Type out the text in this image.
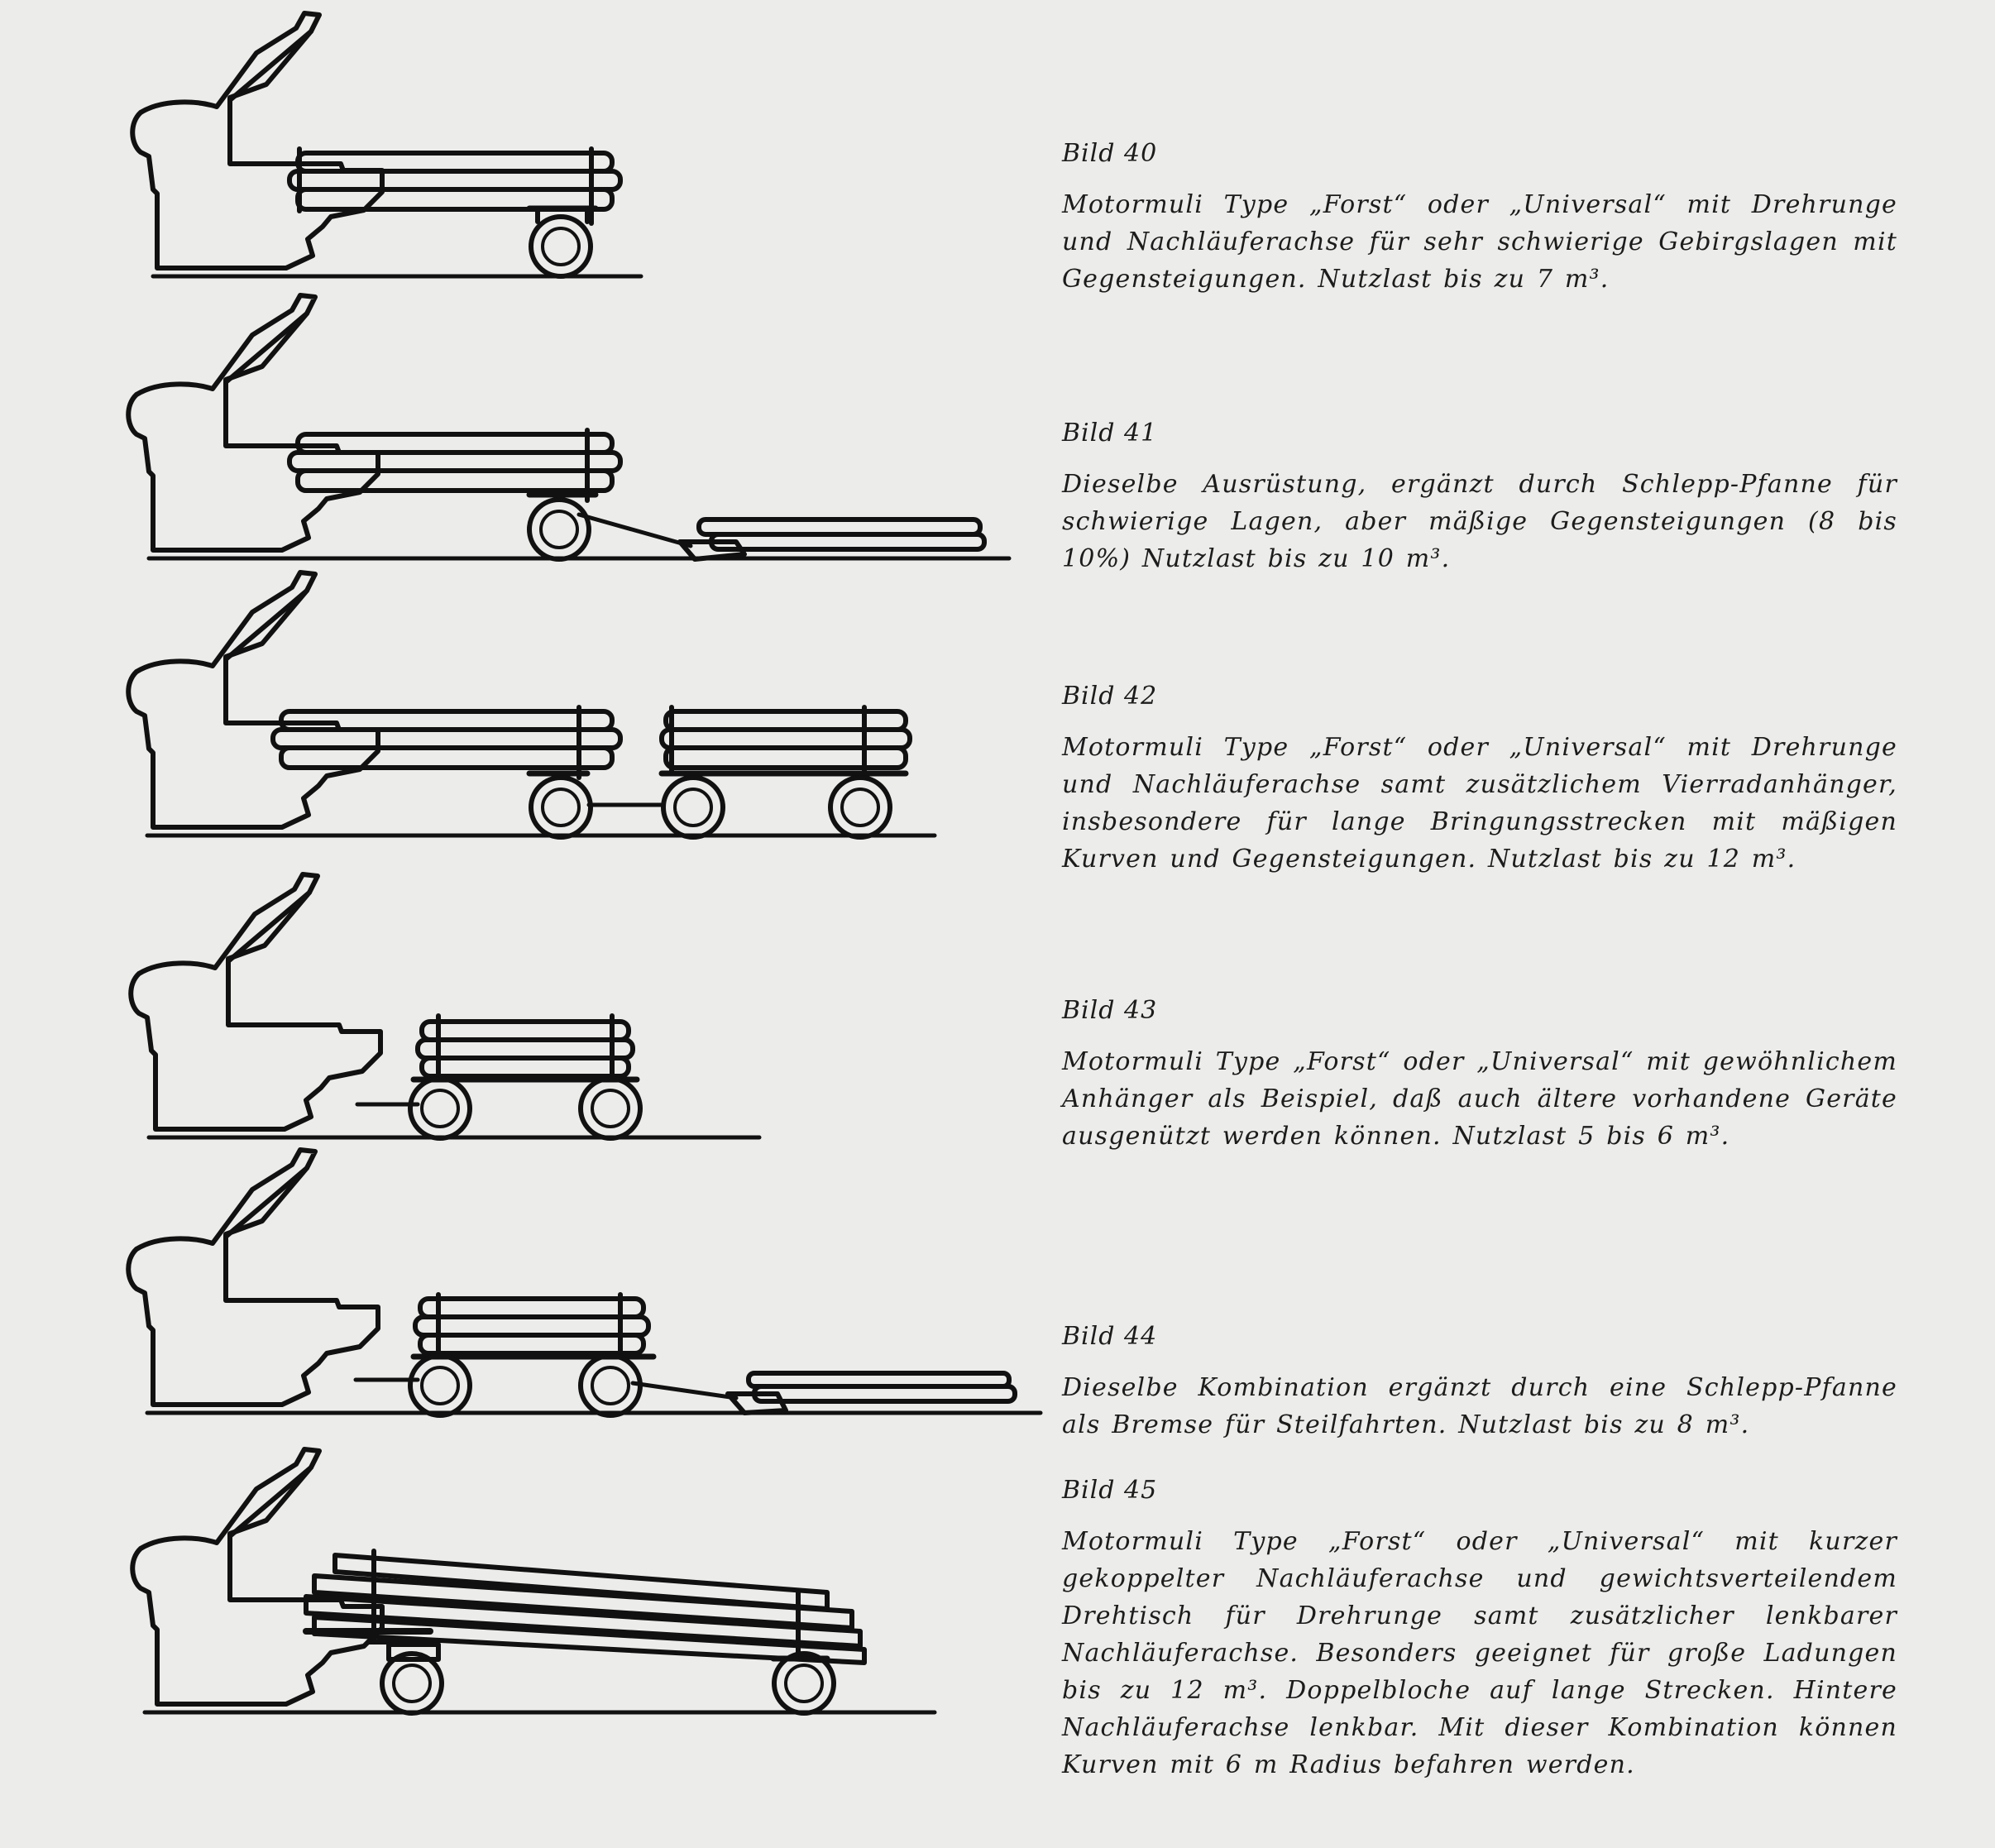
Bild 40

Motormuli Type „Forst“ oder „Universal“ mit Drehrunge und Nachläuferachse für sehr schwierige Gebirgslagen mit Gegensteigungen. Nutzlast bis zu 7 m³.

Bild 41

Dieselbe Ausrüstung, ergänzt durch Schlepp-Pfanne für schwierige Lagen, aber mäßige Gegensteigungen (8 bis 10%) Nutzlast bis zu 10 m³.

Bild 42

Motormuli Type „Forst“ oder „Universal“ mit Drehrunge und Nachläuferachse samt zusätzlichem Vierradanhänger, insbesondere für lange Bringungsstrecken mit mäßigen Kurven und Gegensteigungen. Nutzlast bis zu 12 m³.

Bild 43

Motormuli Type „Forst“ oder „Universal“ mit gewöhnlichem Anhänger als Beispiel, daß auch ältere vorhandene Geräte ausgenützt werden können. Nutzlast 5 bis 6 m³.

Bild 44

Dieselbe Kombination ergänzt durch eine Schlepp-Pfanne als Bremse für Steilfahrten. Nutzlast bis zu 8 m³.

Bild 45

Motormuli Type „Forst“ oder „Universal“ mit kurzer gekoppelter Nachläuferachse und gewichtsverteilendem Drehtisch für Drehrunge samt zusätzlicher lenkbarer Nachläuferachse. Besonders geeignet für große Ladungen bis zu 12 m³. Doppelbloche auf lange Strecken. Hintere Nachläuferachse lenkbar. Mit dieser Kombination können Kurven mit 6 m Radius befahren werden.
